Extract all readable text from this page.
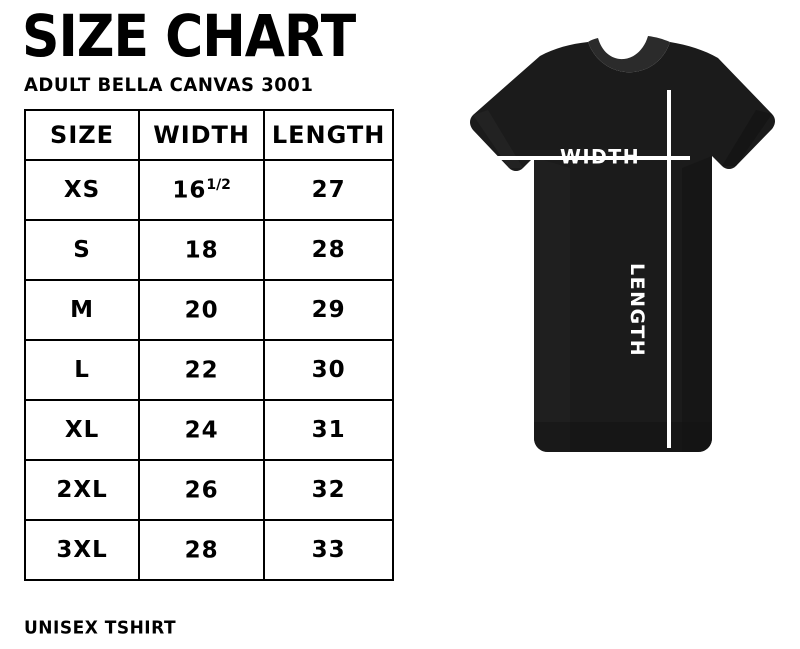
SIZE CHART
ADULT BELLA CANVAS 3001
SIZE	WIDTH	LENGTH
XS	$16^{1/2}$	27
S	18	28
M	20	29
L	22	30
XL	24	31
2XL	26	32
3XL	28	33
UNISEX TSHIRT
WIDTH
LENGTH
